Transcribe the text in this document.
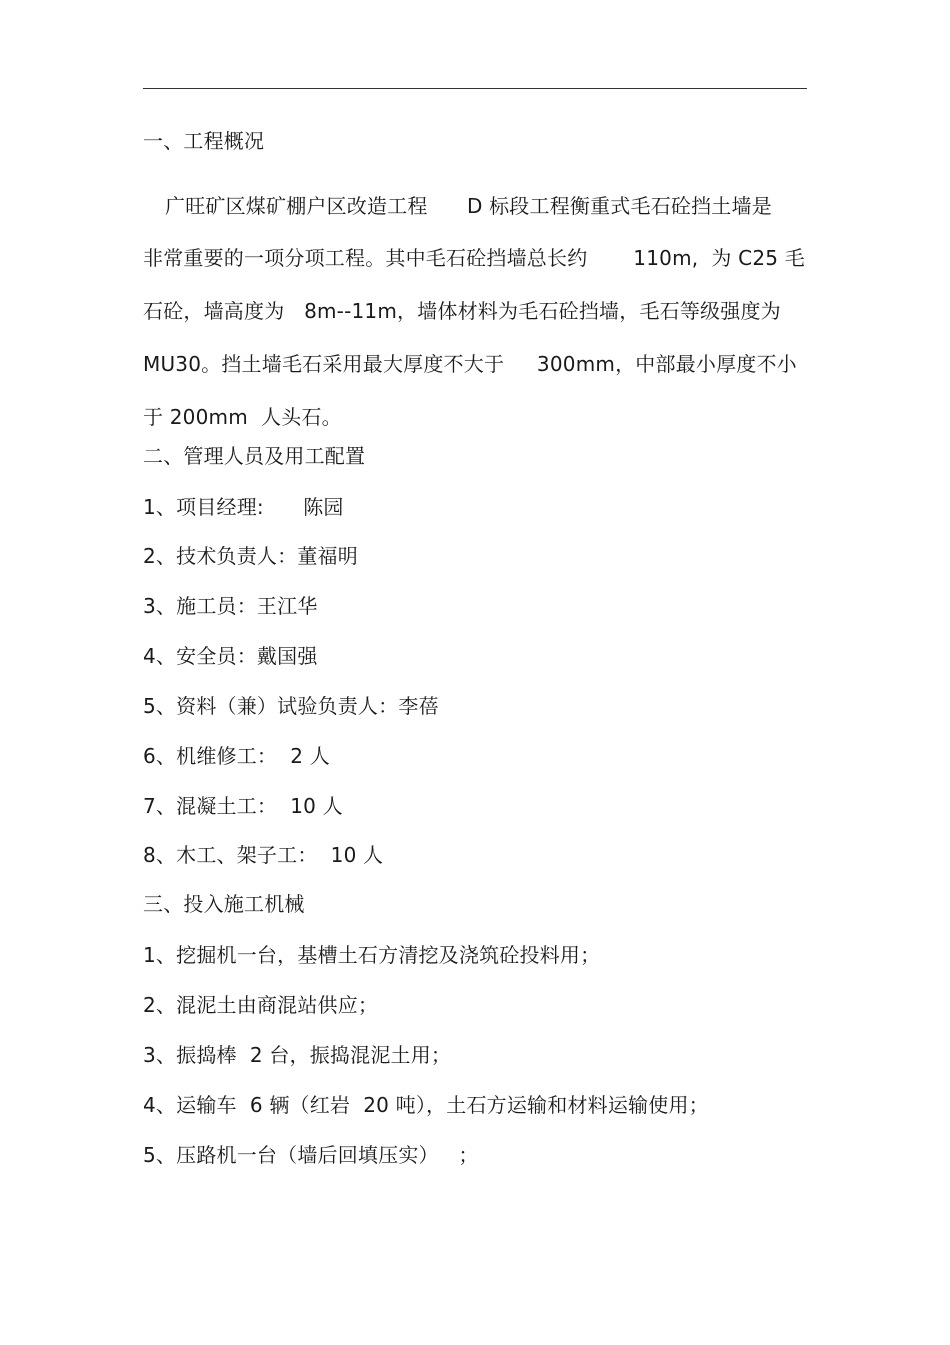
一、工程概况
广旺矿区煤矿棚户区改造工程      D 标段工程衡重式毛石砼挡土墙是
非常重要的一项分项工程。其中毛石砼挡墙总长约       110m,  为 C25 毛
石砼，墙高度为   8m--11m，墙体材料为毛石砼挡墙，毛石等级强度为
MU30。挡土墙毛石采用最大厚度不大于     300mm，中部最小厚度不小
于 200mm  人头石。
二、管理人员及用工配置
1、项目经理:      陈园
2、技术负责人：董福明
3、施工员：王江华
4、安全员：戴国强
5、资料（兼）试验负责人：李蓓
6、机维修工：  2 人
7、混凝土工：  10 人
8、木工、架子工：  10 人
三、投入施工机械
1、挖掘机一台，基槽土石方清挖及浇筑砼投料用；
2、混泥土由商混站供应；
3、振捣棒  2 台，振捣混泥土用；
4、运输车  6 辆（红岩  20 吨），土石方运输和材料运输使用；
5、压路机一台（墙后回填压实）   ；
